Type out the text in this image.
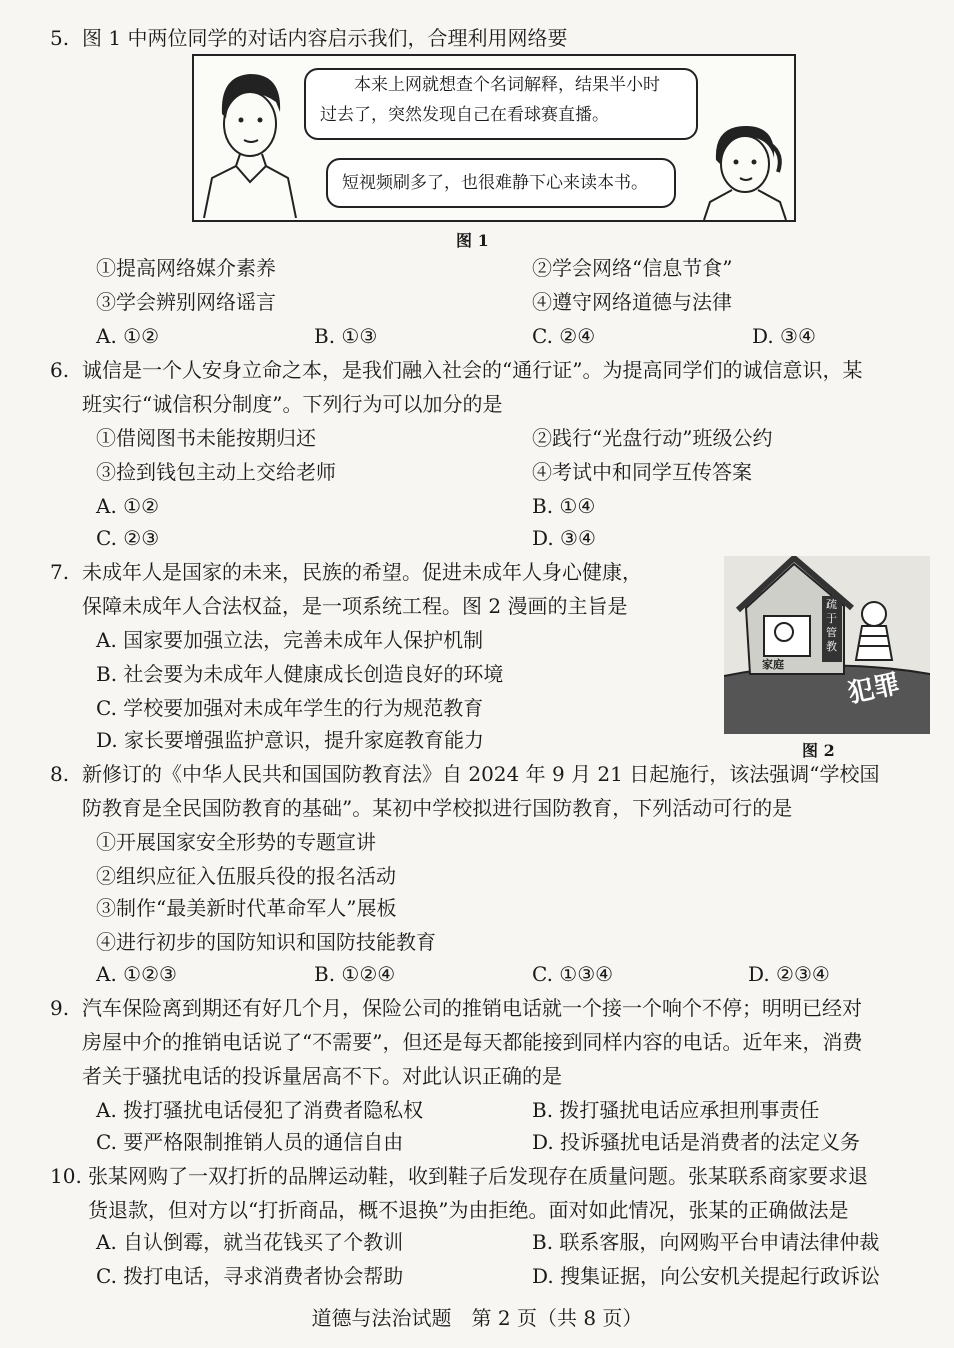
5. 图 1 中两位同学的对话内容启示我们，合理利用网络要
本来上网就想查个名词解释，结果半小时
过去了，突然发现自己在看球赛直播。
短视频刷多了，也很难静下心来读本书。
图 1
①提高网络媒介素养	②学会网络“信息节食”
③学会辨别网络谣言	④遵守网络道德与法律
A. ①②	B. ①③	C. ②④	D. ③④
6. 诚信是一个人安身立命之本，是我们融入社会的“通行证”。为提高同学们的诚信意识，某
班实行“诚信积分制度”。下列行为可以加分的是
①借阅图书未能按期归还	②践行“光盘行动”班级公约
③捡到钱包主动上交给老师	④考试中和同学互传答案
A. ①②	B. ①④
C. ②③	D. ③④
7. 未成年人是国家的未来，民族的希望。促进未成年人身心健康，
保障未成年人合法权益，是一项系统工程。图 2 漫画的主旨是
A. 国家要加强立法，完善未成年人保护机制
B. 社会要为未成年人健康成长创造良好的环境
C. 学校要加强对未成年学生的行为规范教育
D. 家长要增强监护意识，提升家庭教育能力
家庭
疏于管教
犯罪
图 2
8. 新修订的《中华人民共和国国防教育法》自 2024 年 9 月 21 日起施行，该法强调“学校国
防教育是全民国防教育的基础”。某初中学校拟进行国防教育，下列活动可行的是
①开展国家安全形势的专题宣讲
②组织应征入伍服兵役的报名活动
③制作“最美新时代革命军人”展板
④进行初步的国防知识和国防技能教育
A. ①②③	B. ①②④	C. ①③④	D. ②③④
9. 汽车保险离到期还有好几个月，保险公司的推销电话就一个接一个响个不停；明明已经对
房屋中介的推销电话说了“不需要”，但还是每天都能接到同样内容的电话。近年来，消费
者关于骚扰电话的投诉量居高不下。对此认识正确的是
A. 拨打骚扰电话侵犯了消费者隐私权	B. 拨打骚扰电话应承担刑事责任
C. 要严格限制推销人员的通信自由	D. 投诉骚扰电话是消费者的法定义务
10. 张某网购了一双打折的品牌运动鞋，收到鞋子后发现存在质量问题。张某联系商家要求退
货退款，但对方以“打折商品，概不退换”为由拒绝。面对如此情况，张某的正确做法是
A. 自认倒霉，就当花钱买了个教训	B. 联系客服，向网购平台申请法律仲裁
C. 拨打电话，寻求消费者协会帮助	D. 搜集证据，向公安机关提起行政诉讼
道德与法治试题　第 2 页（共 8 页）
